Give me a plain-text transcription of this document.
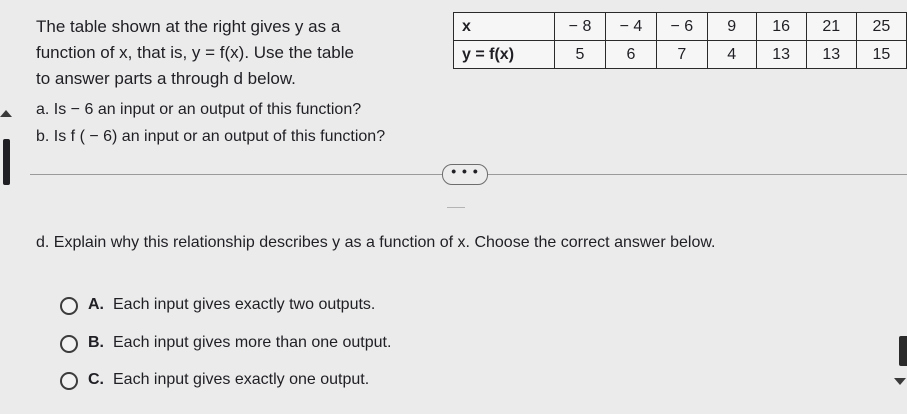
The table shown at the right gives y as a
function of x, that is, y = f(x). Use the table
to answer parts a through d below.
x	− 8	− 4	− 6	9	16	21	25
y = f(x)	5	6	7	4	13	13	15
a. Is − 6 an input or an output of this function?
b. Is f ( − 6) an input or an output of this function?
• • •
d. Explain why this relationship describes y as a function of x. Choose the correct answer below.
A. Each input gives exactly two outputs.
B. Each input gives more than one output.
C. Each input gives exactly one output.
